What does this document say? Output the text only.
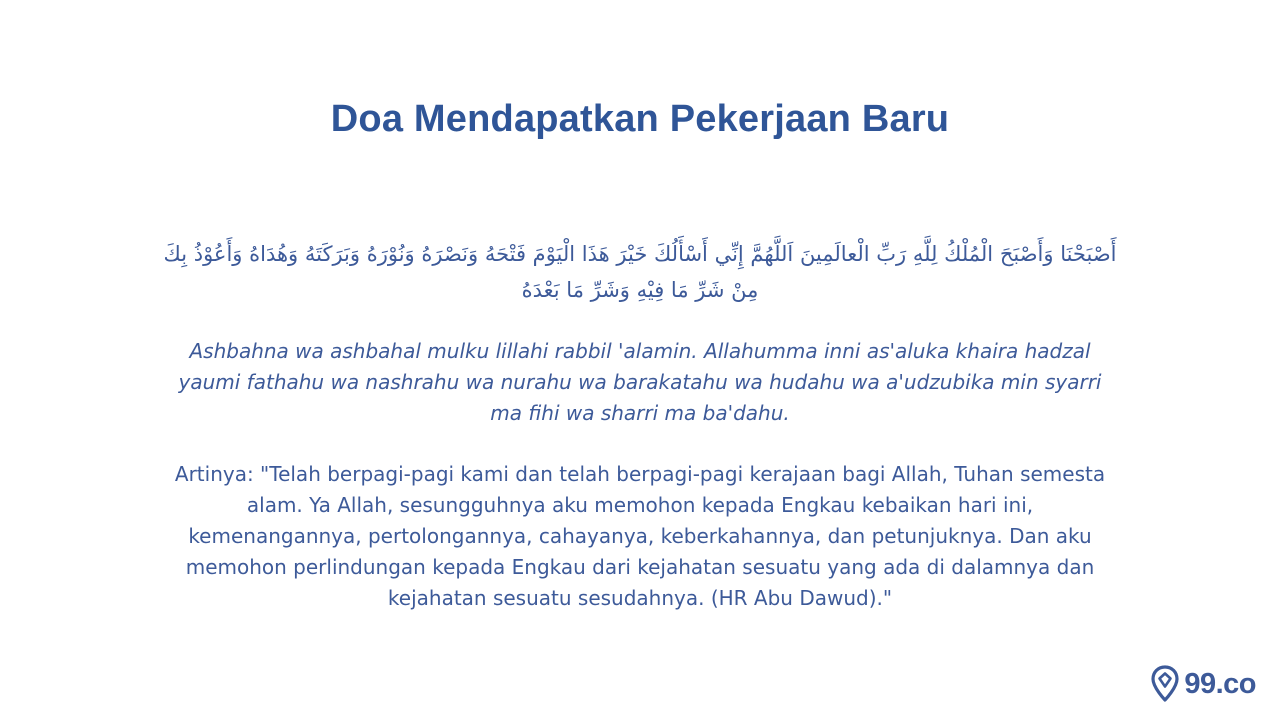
Doa Mendapatkan Pekerjaan Baru

أَصْبَحْنَا وَأَصْبَحَ الْمُلْكُ لِلَّهِ رَبِّ الْعالَمِينَ اَللَّهُمَّ إِنِّي أَسْأَلُكَ خَيْرَ هَذَا الْيَوْمَ فَتْحَهُ وَنَصْرَهُ وَنُوْرَهُ وَبَرَكَتَهُ وَهُدَاهُ وَأَعُوْذُ بِكَ مِنْ شَرِّ مَا فِيْهِ وَشَرِّ مَا بَعْدَهُ

Ashbahna wa ashbahal mulku lillahi rabbil 'alamin. Allahumma inni as'aluka khaira hadzal yaumi fathahu wa nashrahu wa nurahu wa barakatahu wa hudahu wa a'udzubika min syarri ma fihi wa sharri ma ba'dahu.

Artinya: "Telah berpagi-pagi kami dan telah berpagi-pagi kerajaan bagi Allah, Tuhan semesta alam. Ya Allah, sesungguhnya aku memohon kepada Engkau kebaikan hari ini, kemenangannya, pertolongannya, cahayanya, keberkahannya, dan petunjuknya. Dan aku memohon perlindungan kepada Engkau dari kejahatan sesuatu yang ada di dalamnya dan kejahatan sesuatu sesudahnya. (HR Abu Dawud)."

99.co
